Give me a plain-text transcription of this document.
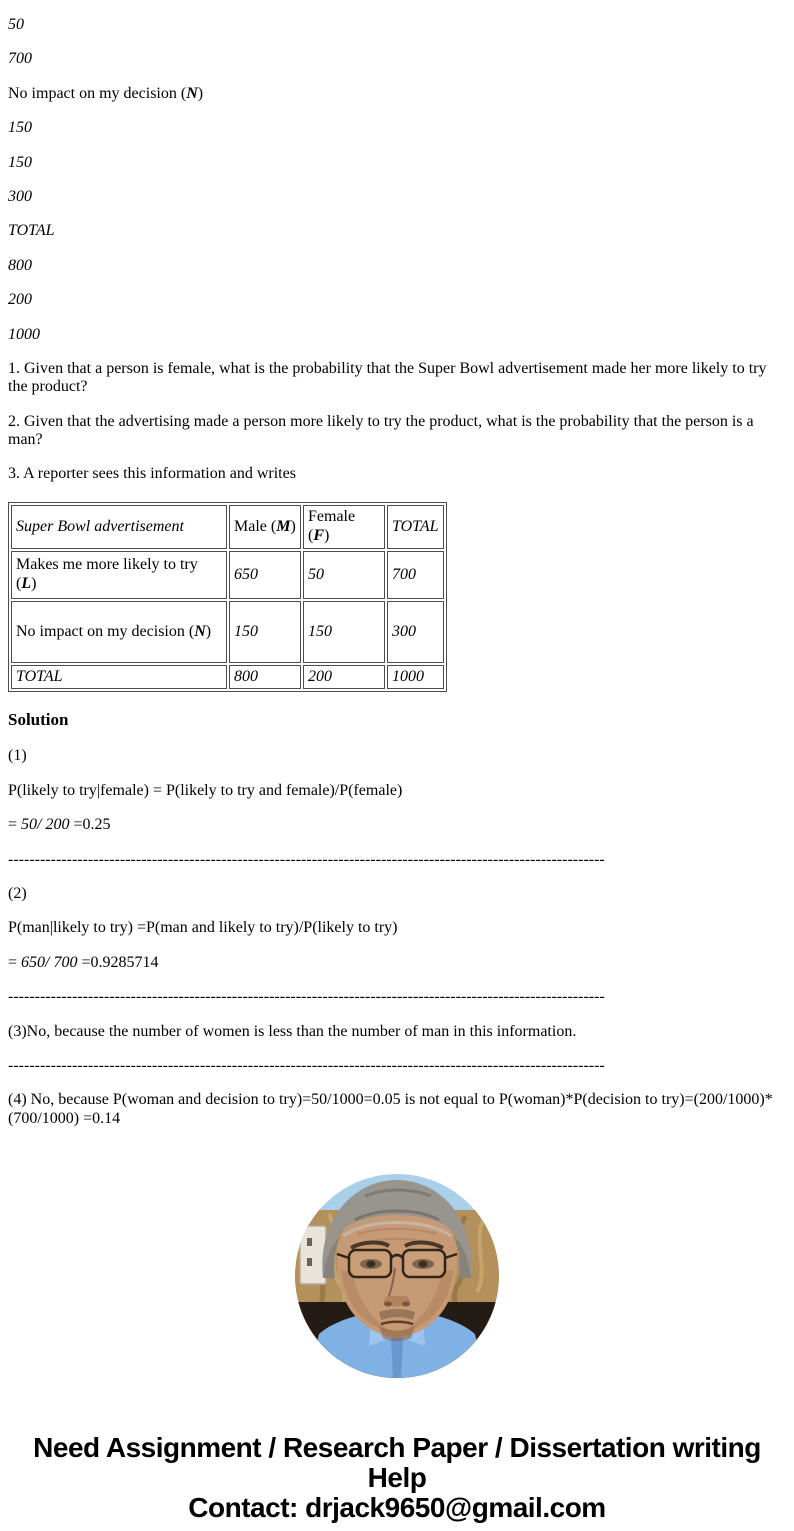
50

700

No impact on my decision (N)

150

150

300

TOTAL

800

200

1000

1. Given that a person is female, what is the probability that the Super Bowl advertisement made her more likely to try the product?

2. Given that the advertising made a person more likely to try the product, what is the probability that the person is a man?

3. A reporter sees this information and writes

Super Bowl advertisement	Male (M)	Female (F)	TOTAL
Makes me more likely to try (L)	650	50	700
No impact on my decision (N)	150	150	300
TOTAL	800	200	1000

Solution

(1)

P(likely to try|female) = P(likely to try and female)/P(female)

= 50/ 200 =0.25

----------------------------------------------------------------------------------------------------------------

(2)

P(man|likely to try) =P(man and likely to try)/P(likely to try)

= 650/ 700 =0.9285714

----------------------------------------------------------------------------------------------------------------

(3)No, because the number of women is less than the number of man in this information.

----------------------------------------------------------------------------------------------------------------

(4) No, because P(woman and decision to try)=50/1000=0.05 is not equal to P(woman)*P(decision to try)=(200/1000)*(700/1000) =0.14

Need Assignment / Research Paper / Dissertation writing Help
Contact: drjack9650@gmail.com
